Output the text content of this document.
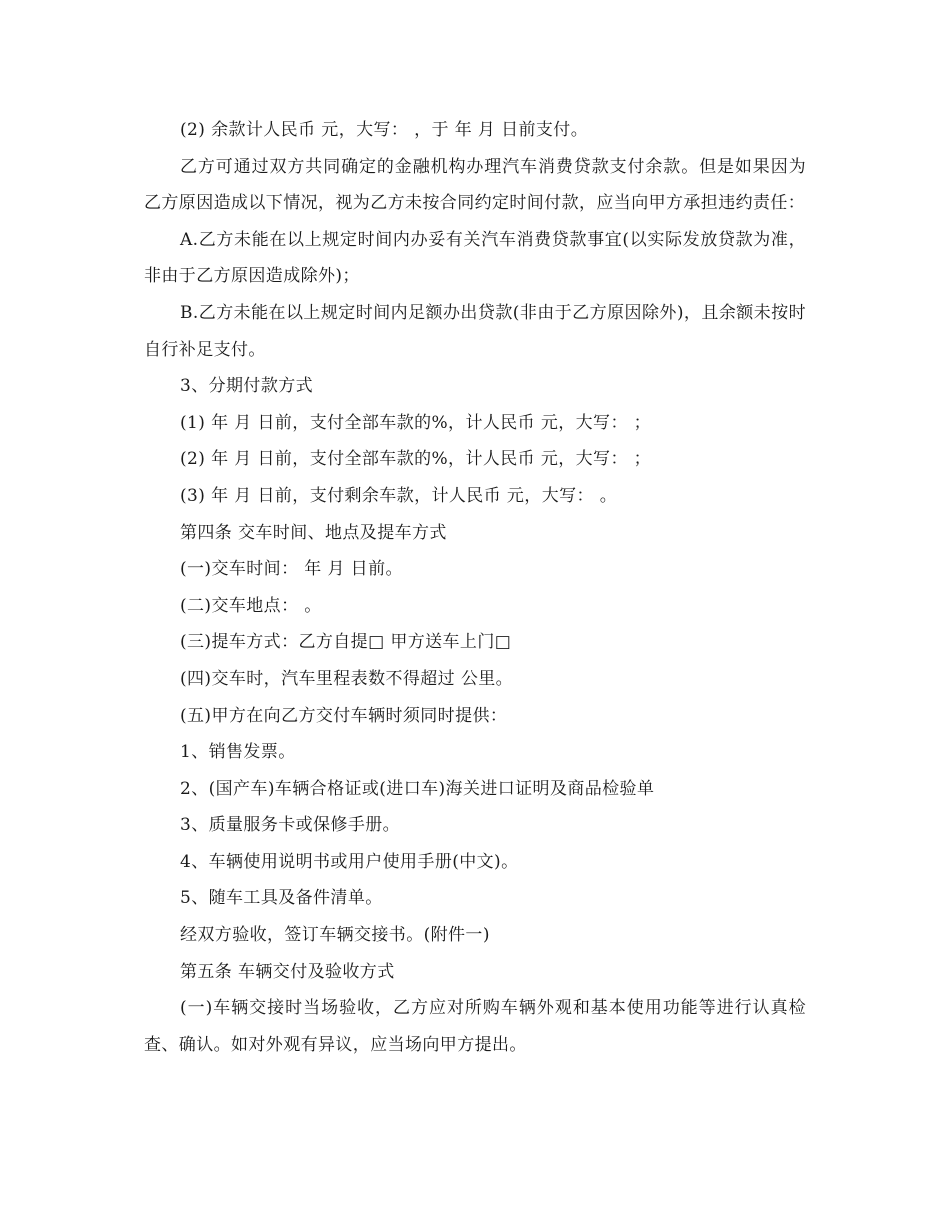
(2) 余款计人民币 元，大写： ，于 年 月 日前支付。

乙方可通过双方共同确定的金融机构办理汽车消费贷款支付余款。但是如果因为乙方原因造成以下情况，视为乙方未按合同约定时间付款，应当向甲方承担违约责任：

A.乙方未能在以上规定时间内办妥有关汽车消费贷款事宜(以实际发放贷款为准，非由于乙方原因造成除外)；

B.乙方未能在以上规定时间内足额办出贷款(非由于乙方原因除外)，且余额未按时自行补足支付。

3、分期付款方式

(1) 年 月 日前，支付全部车款的%，计人民币 元，大写： ；

(2) 年 月 日前，支付全部车款的%，计人民币 元，大写： ；

(3) 年 月 日前，支付剩余车款，计人民币 元，大写： 。

第四条 交车时间、地点及提车方式

(一)交车时间： 年 月 日前。

(二)交车地点： 。

(三)提车方式：乙方自提□ 甲方送车上门□

(四)交车时，汽车里程表数不得超过 公里。

(五)甲方在向乙方交付车辆时须同时提供：

1、销售发票。

2、(国产车)车辆合格证或(进口车)海关进口证明及商品检验单

3、质量服务卡或保修手册。

4、车辆使用说明书或用户使用手册(中文)。

5、随车工具及备件清单。

经双方验收，签订车辆交接书。(附件一)

第五条 车辆交付及验收方式

(一)车辆交接时当场验收，乙方应对所购车辆外观和基本使用功能等进行认真检查、确认。如对外观有异议，应当场向甲方提出。
